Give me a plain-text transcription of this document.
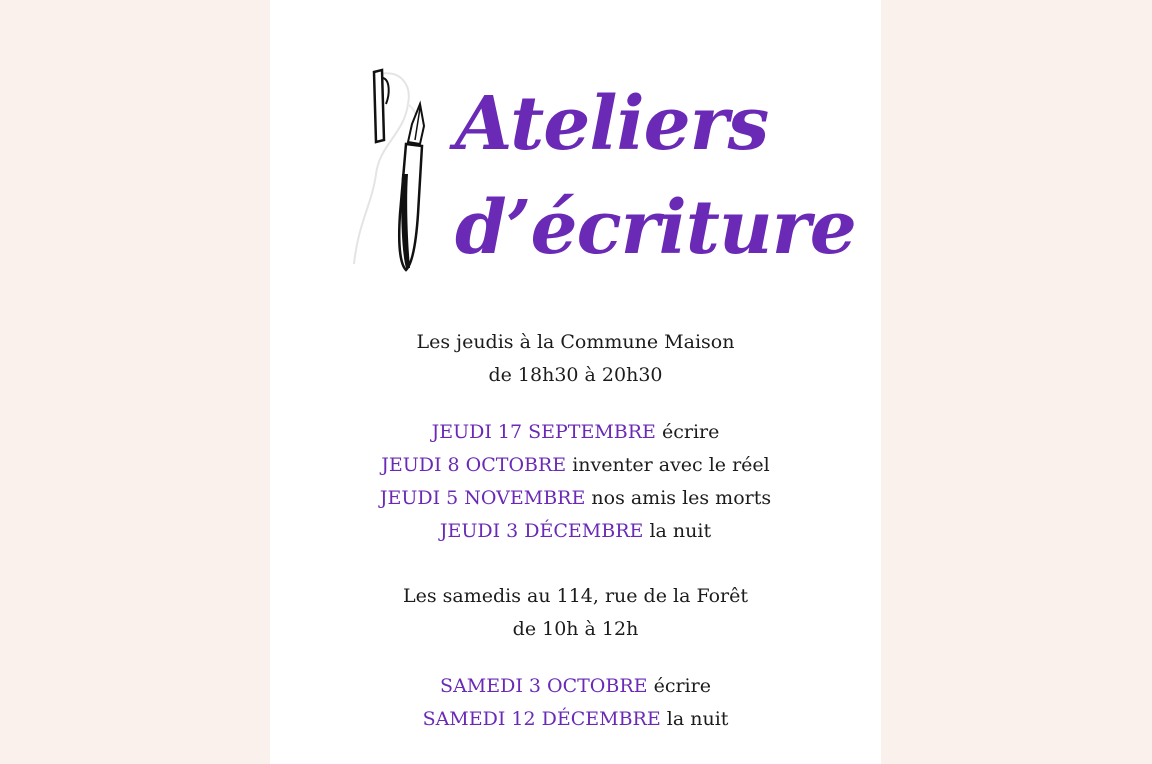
Ateliers
d’écriture
Les jeudis à la Commune Maison
de 18h30 à 20h30
JEUDI 17 SEPTEMBRE écrire
JEUDI 8 OCTOBRE inventer avec le réel
JEUDI 5 NOVEMBRE nos amis les morts
JEUDI 3 DÉCEMBRE la nuit
Les samedis au 114, rue de la Forêt
de 10h à 12h
SAMEDI 3 OCTOBRE écrire
SAMEDI 12 DÉCEMBRE la nuit
